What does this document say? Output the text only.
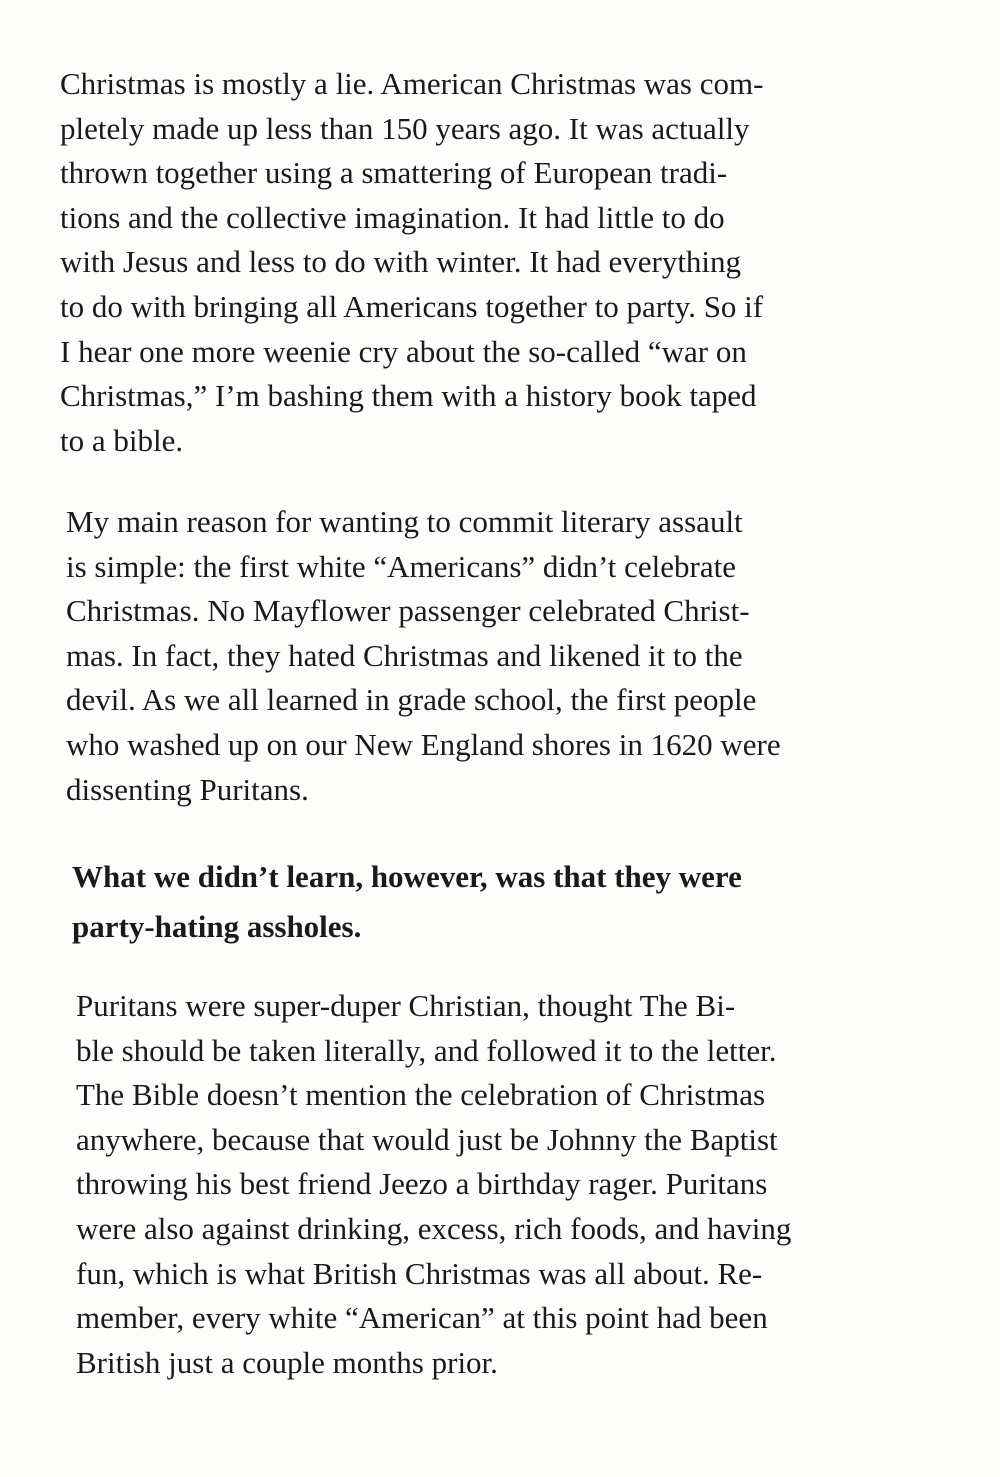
Christmas is mostly a lie. American Christmas was com-
pletely made up less than 150 years ago. It was actually
thrown together using a smattering of European tradi-
tions and the collective imagination. It had little to do
with Jesus and less to do with winter. It had everything
to do with bringing all Americans together to party. So if
I hear one more weenie cry about the so-called “war on
Christmas,” I’m bashing them with a history book taped
to a bible.
My main reason for wanting to commit literary assault
is simple: the first white “Americans” didn’t celebrate
Christmas. No Mayflower passenger celebrated Christ-
mas. In fact, they hated Christmas and likened it to the
devil. As we all learned in grade school, the first people
who washed up on our New England shores in 1620 were
dissenting Puritans.
What we didn’t learn, however, was that they were
party-hating assholes.
Puritans were super-duper Christian, thought The Bi-
ble should be taken literally, and followed it to the letter.
The Bible doesn’t mention the celebration of Christmas
anywhere, because that would just be Johnny the Baptist
throwing his best friend Jeezo a birthday rager. Puritans
were also against drinking, excess, rich foods, and having
fun, which is what British Christmas was all about. Re-
member, every white “American” at this point had been
British just a couple months prior.
